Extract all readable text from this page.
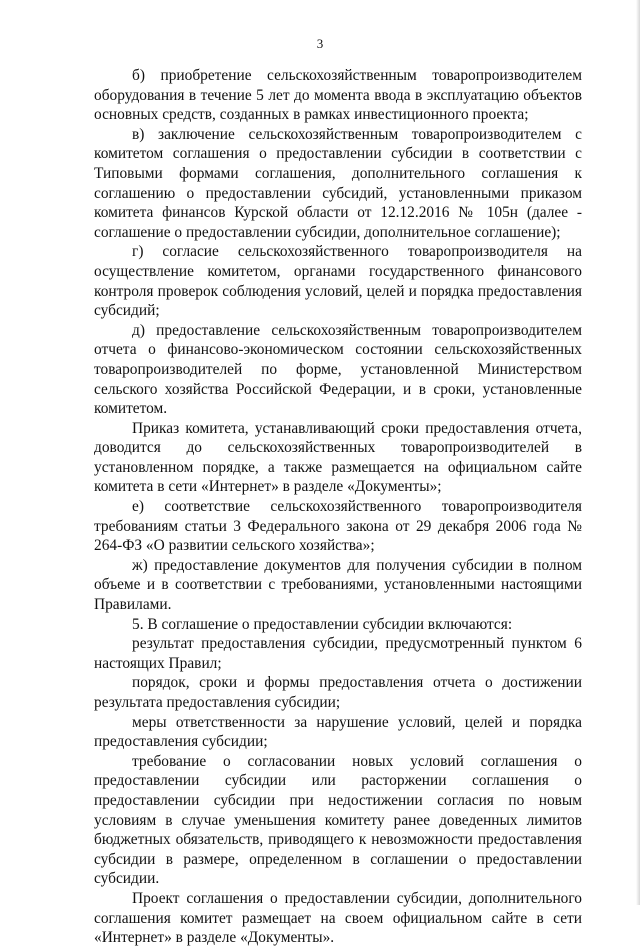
3

б) приобретение сельскохозяйственным товаропроизводителем оборудования в течение 5 лет до момента ввода в эксплуатацию объектов основных средств, созданных в рамках инвестиционного проекта;

в) заключение сельскохозяйственным товаропроизводителем с комитетом соглашения о предоставлении субсидии в соответствии с Типовыми формами соглашения, дополнительного соглашения к соглашению о предоставлении субсидий, установленными приказом комитета финансов Курской области от 12.12.2016 № 105н (далее - соглашение о предоставлении субсидии, дополнительное соглашение);

г) согласие сельскохозяйственного товаропроизводителя на осуществление комитетом, органами государственного финансового контроля проверок соблюдения условий, целей и порядка предоставления субсидий;

д) предоставление сельскохозяйственным товаропроизводителем отчета о финансово-экономическом состоянии сельскохозяйственных товаропроизводителей по форме, установленной Министерством сельского хозяйства Российской Федерации, и в сроки, установленные комитетом.

Приказ комитета, устанавливающий сроки предоставления отчета, доводится до сельскохозяйственных товаропроизводителей в установленном порядке, а также размещается на официальном сайте комитета в сети «Интернет» в разделе «Документы»;

е) соответствие сельскохозяйственного товаропроизводителя требованиям статьи 3 Федерального закона от 29 декабря 2006 года № 264-ФЗ «О развитии сельского хозяйства»;

ж) предоставление документов для получения субсидии в полном объеме и в соответствии с требованиями, установленными настоящими Правилами.

5. В соглашение о предоставлении субсидии включаются:

результат предоставления субсидии, предусмотренный пунктом 6 настоящих Правил;

порядок, сроки и формы предоставления отчета о достижении результата предоставления субсидии;

меры ответственности за нарушение условий, целей и порядка предоставления субсидии;

требование о согласовании новых условий соглашения о предоставлении субсидии или расторжении соглашения о предоставлении субсидии при недостижении согласия по новым условиям в случае уменьшения комитету ранее доведенных лимитов бюджетных обязательств, приводящего к невозможности предоставления субсидии в размере, определенном в соглашении о предоставлении субсидии.

Проект соглашения о предоставлении субсидии, дополнительного соглашения комитет размещает на своем официальном сайте в сети «Интернет» в разделе «Документы».
